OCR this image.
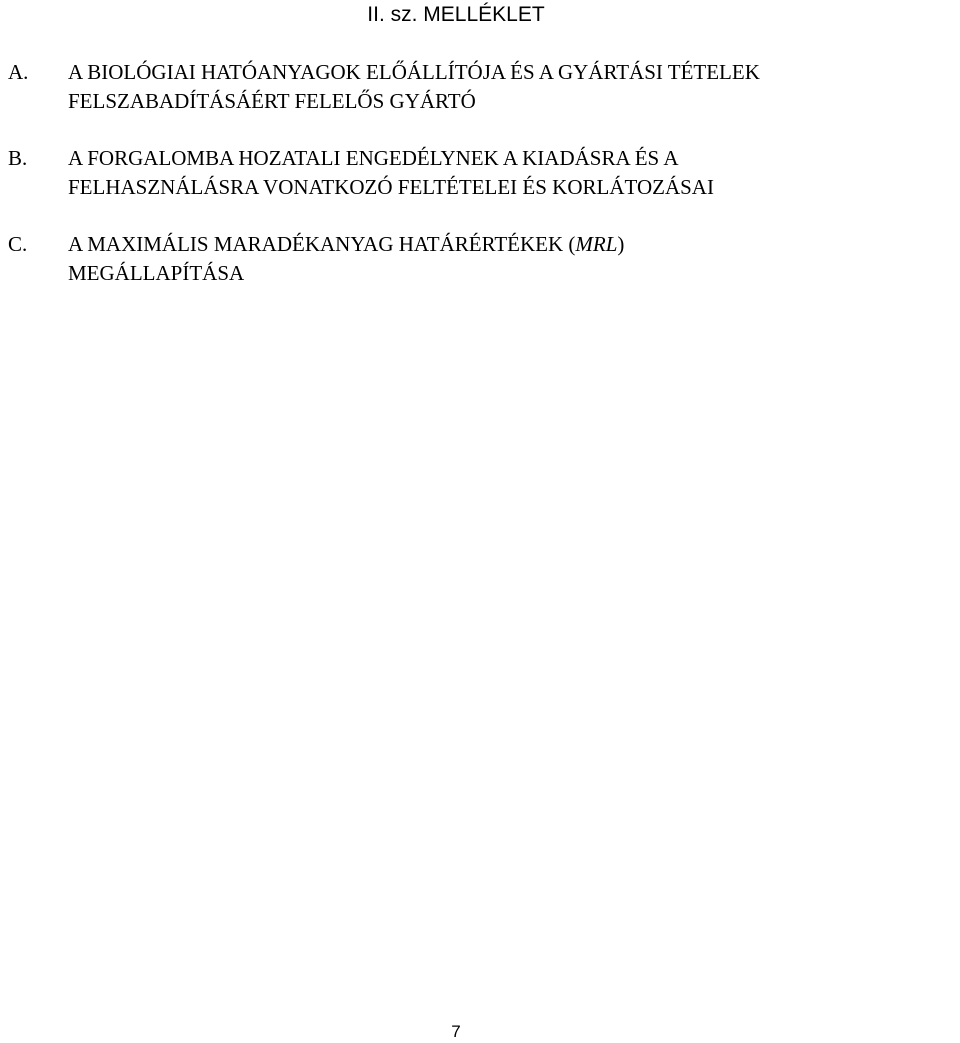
II. sz. MELLÉKLET
A. A BIOLÓGIAI HATÓANYAGOK ELŐÁLLÍTÓJA ÉS A GYÁRTÁSI TÉTELEK
FELSZABADÍTÁSÁÉRT FELELŐS GYÁRTÓ
B. A FORGALOMBA HOZATALI ENGEDÉLYNEK A KIADÁSRA ÉS A
FELHASZNÁLÁSRA VONATKOZÓ FELTÉTELEI ÉS KORLÁTOZÁSAI
C. A MAXIMÁLIS MARADÉKANYAG HATÁRÉRTÉKEK (MRL)
MEGÁLLAPÍTÁSA
7
